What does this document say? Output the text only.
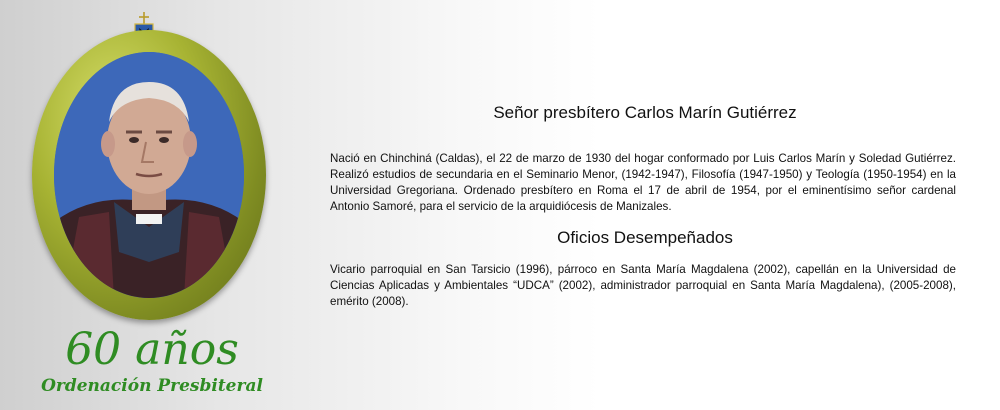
60 años
Ordenación Presbiteral
Señor presbítero Carlos Marín Gutiérrez
Nació en Chinchiná (Caldas), el 22 de marzo de 1930 del hogar conformado por Luis Carlos Marín y Soledad Gutiérrez. Realizó estudios de secundaria en el Seminario Menor, (1942-1947), Filosofía (1947-1950) y Teología (1950-1954) en la Universidad Gregoriana. Ordenado presbítero en Roma el 17 de abril de 1954, por el eminentísimo señor cardenal Antonio Samoré, para el servicio de la arquidiócesis de Manizales.
Oficios Desempeñados
Vicario parroquial en San Tarsicio (1996), párroco en Santa María Magdalena (2002), capellán en la Universidad de Ciencias Aplicadas y Ambientales “UDCA” (2002), administrador parroquial en Santa María Magdalena), (2005-2008), emérito (2008).
